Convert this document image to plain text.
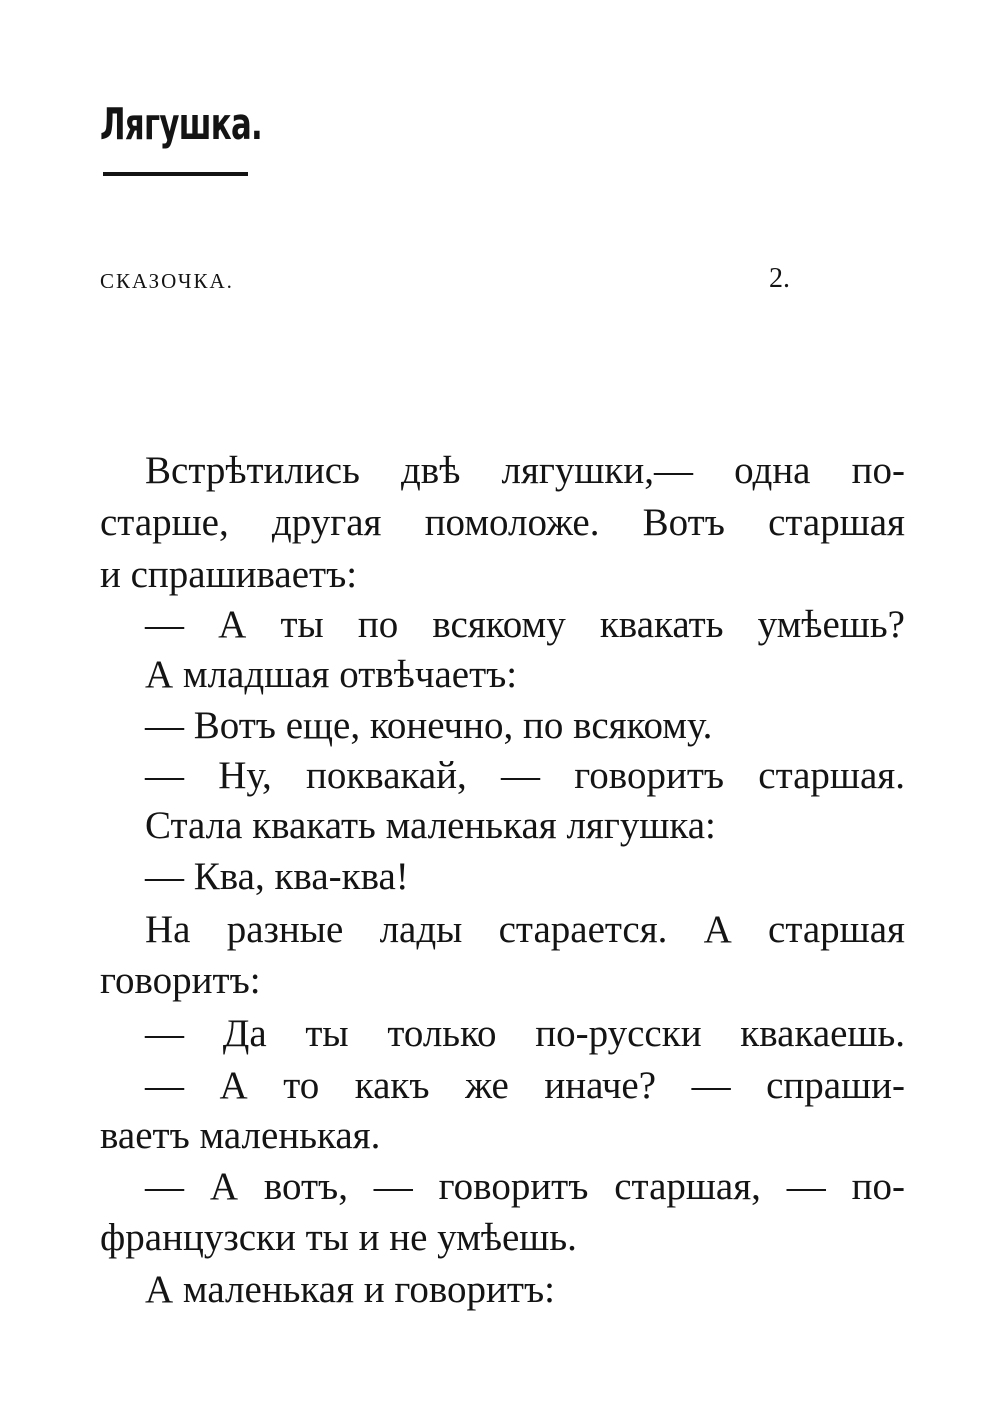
Лягушка.
СКАЗОЧКА.	2.
Встрѣтились двѣ лягушки,— одна по-
старше, другая помоложе. Вотъ старшая
и спрашиваетъ:
— А ты по всякому квакать умѣешь?
А младшая отвѣчаетъ:
— Вотъ еще, конечно, по всякому.
— Ну, поквакай, — говоритъ старшая.
Стала квакать маленькая лягушка:
— Ква, ква-ква!
На разные лады старается. А старшая
говоритъ:
— Да ты только по-русски квакаешь.
— А то какъ же иначе? — спраши-
ваетъ маленькая.
— А вотъ, — говоритъ старшая, — по-
французски ты и не умѣешь.
А маленькая и говоритъ:
